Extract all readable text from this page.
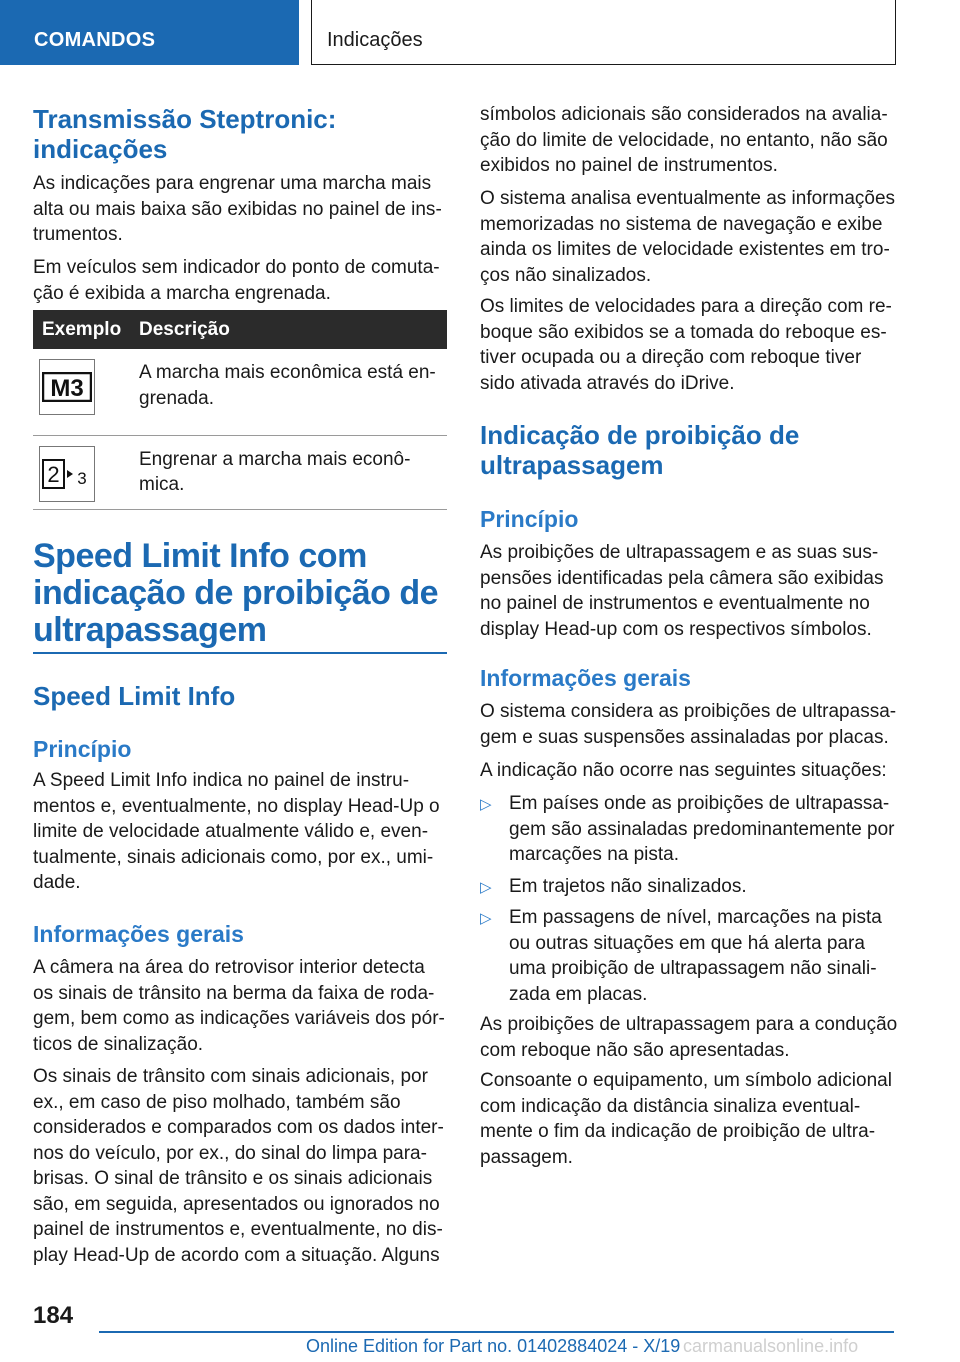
COMANDOS	Indicações
Transmissão Steptronic: indicações

As indicações para engrenar uma marcha mais alta ou mais baixa são exibidas no painel de instrumentos.

Em veículos sem indicador do ponto de comutação é exibida a marcha engrenada.

Exemplo	Descrição

M3	A marcha mais econômica está engrenada.

2 3	Engrenar a marcha mais econômica.
Speed Limit Info com indicação de proibição de ultrapassagem
Speed Limit Info
Princípio

A Speed Limit Info indica no painel de instrumentos e, eventualmente, no display Head-Up o limite de velocidade atualmente válido e, eventualmente, sinais adicionais como, por ex., umidade.

Informações gerais

A câmera na área do retrovisor interior detecta os sinais de trânsito na berma da faixa de rodagem, bem como as indicações variáveis dos pórticos de sinalização.

Os sinais de trânsito com sinais adicionais, por ex., em caso de piso molhado, também são considerados e comparados com os dados internos do veículo, por ex., do sinal do limpa para-brisas. O sinal de trânsito e os sinais adicionais são, em seguida, apresentados ou ignorados no painel de instrumentos e, eventualmente, no display Head-Up de acordo com a situação. Alguns

símbolos adicionais são considerados na avaliação do limite de velocidade, no entanto, não são exibidos no painel de instrumentos.

O sistema analisa eventualmente as informações memorizadas no sistema de navegação e exibe ainda os limites de velocidade existentes em troços não sinalizados.

Os limites de velocidades para a direção com reboque são exibidos se a tomada do reboque estiver ocupada ou a direção com reboque tiver sido ativada através do iDrive.

Indicação de proibição de ultrapassagem
Princípio

As proibições de ultrapassagem e as suas suspensões identificadas pela câmera são exibidas no painel de instrumentos e eventualmente no display Head-up com os respectivos símbolos.

Informações gerais

O sistema considera as proibições de ultrapassagem e suas suspensões assinaladas por placas.

A indicação não ocorre nas seguintes situações:

▷ Em países onde as proibições de ultrapassagem são assinaladas predominantemente por marcações na pista.
▷ Em trajetos não sinalizados.
▷ Em passagens de nível, marcações na pista ou outras situações em que há alerta para uma proibição de ultrapassagem não sinalizada em placas.

As proibições de ultrapassagem para a condução com reboque não são apresentadas.

Consoante o equipamento, um símbolo adicional com indicação da distância sinaliza eventualmente o fim da indicação de proibição de ultrapassagem.

184
Online Edition for Part no. 01402884024 - X/19 carmanualsonline.info
